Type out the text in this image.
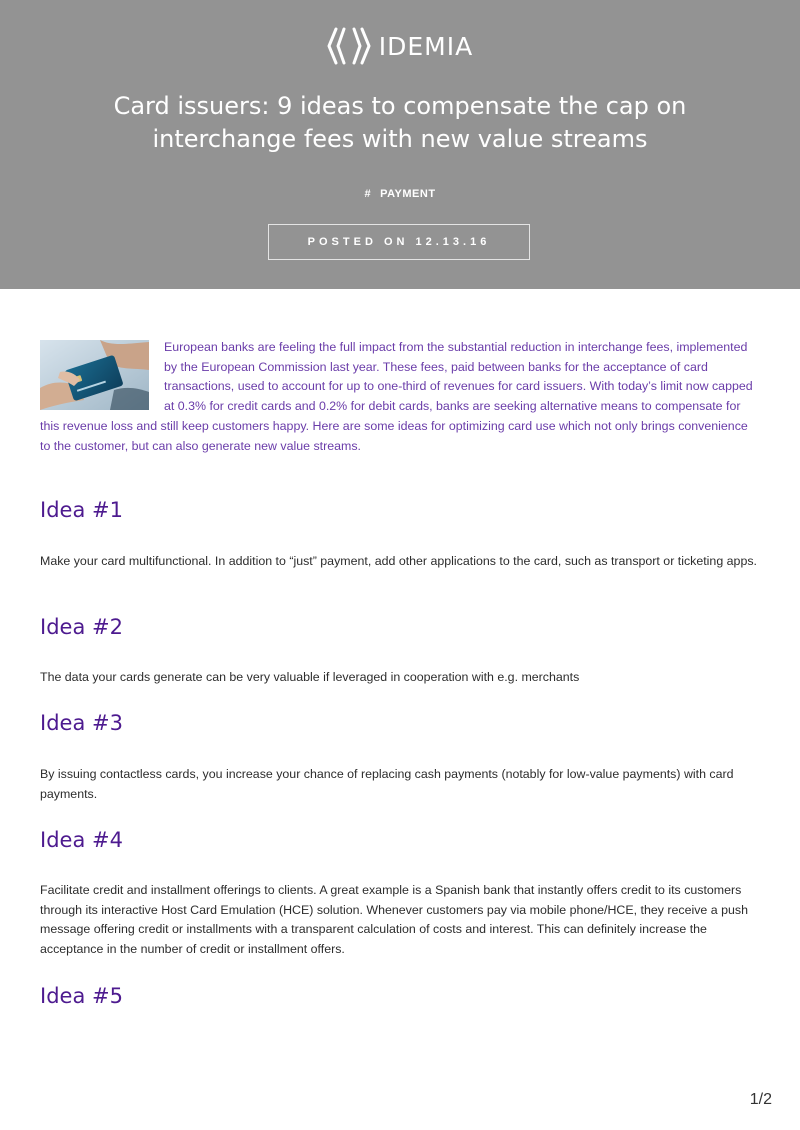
IDEMIA
Card issuers: 9 ideas to compensate the cap on interchange fees with new value streams
# PAYMENT
POSTED ON 12.13.16

European banks are feeling the full impact from the substantial reduction in interchange fees, implemented by the European Commission last year. These fees, paid between banks for the acceptance of card transactions, used to account for up to one-third of revenues for card issuers. With today’s limit now capped at 0.3% for credit cards and 0.2% for debit cards, banks are seeking alternative means to compensate for this revenue loss and still keep customers happy. Here are some ideas for optimizing card use which not only brings convenience to the customer, but can also generate new value streams.

Idea #1

Make your card multifunctional. In addition to “just” payment, add other applications to the card, such as transport or ticketing apps.

Idea #2

The data your cards generate can be very valuable if leveraged in cooperation with e.g. merchants

Idea #3

By issuing contactless cards, you increase your chance of replacing cash payments (notably for low-value payments) with card payments.

Idea #4

Facilitate credit and installment offerings to clients. A great example is a Spanish bank that instantly offers credit to its customers through its interactive Host Card Emulation (HCE) solution. Whenever customers pay via mobile phone/HCE, they receive a push message offering credit or installments with a transparent calculation of costs and interest. This can definitely increase the acceptance in the number of credit or installment offers.

Idea #5
1/2
